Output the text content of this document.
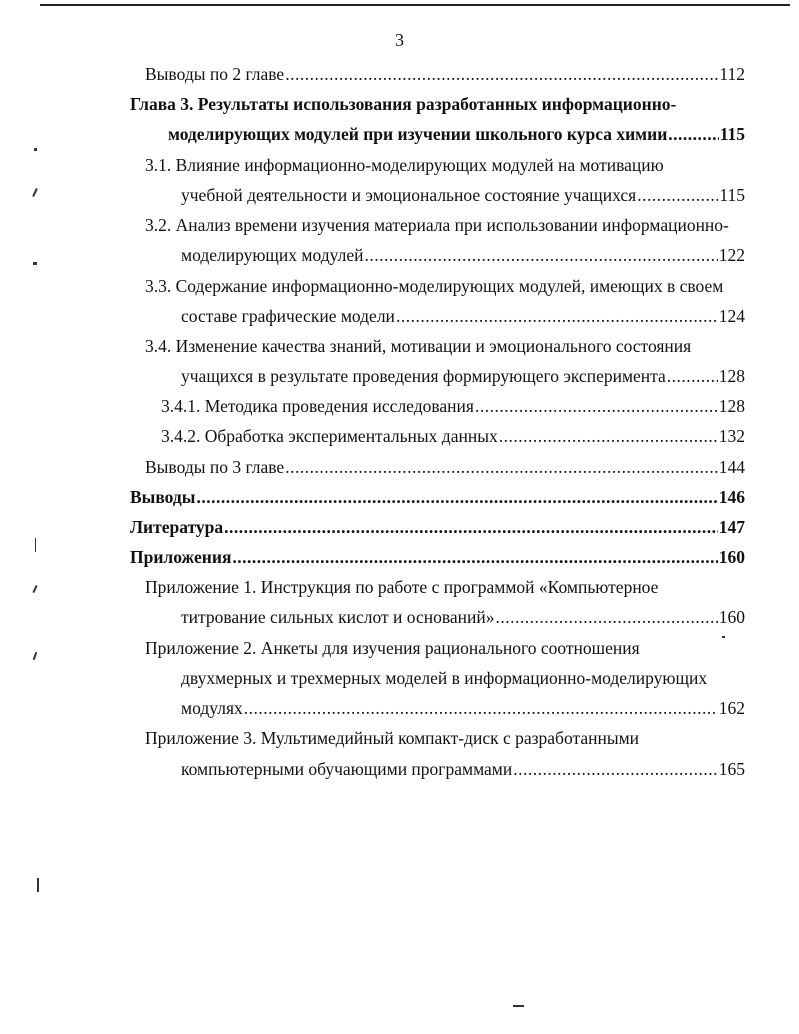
3
Выводы по 2 главе .....	112
Глава 3. Результаты использования разработанных информационно-
моделирующих модулей при изучении школьного курса химии .....	115
3.1. Влияние информационно-моделирующих модулей на мотивацию
учебной деятельности и эмоциональное состояние учащихся .....	115
3.2. Анализ времени изучения материала при использовании информационно-
моделирующих модулей .....	122
3.3. Содержание информационно-моделирующих модулей, имеющих в своем
составе графические модели .....	124
3.4. Изменение качества знаний, мотивации и эмоционального состояния
учащихся в результате проведения формирующего эксперимента .....	128
3.4.1. Методика проведения исследования .....	128
3.4.2. Обработка экспериментальных данных .....	132
Выводы по 3 главе .....	144
Выводы .....	146
Литература .....	147
Приложения .....	160
Приложение 1. Инструкция по работе с программой «Компьютерное
титрование сильных кислот и оснований» .....	160
Приложение 2. Анкеты для изучения рационального соотношения
двухмерных и трехмерных моделей в информационно-моделирующих
модулях .....	162
Приложение 3. Мультимедийный компакт-диск с разработанными
компьютерными обучающими программами .....	165
